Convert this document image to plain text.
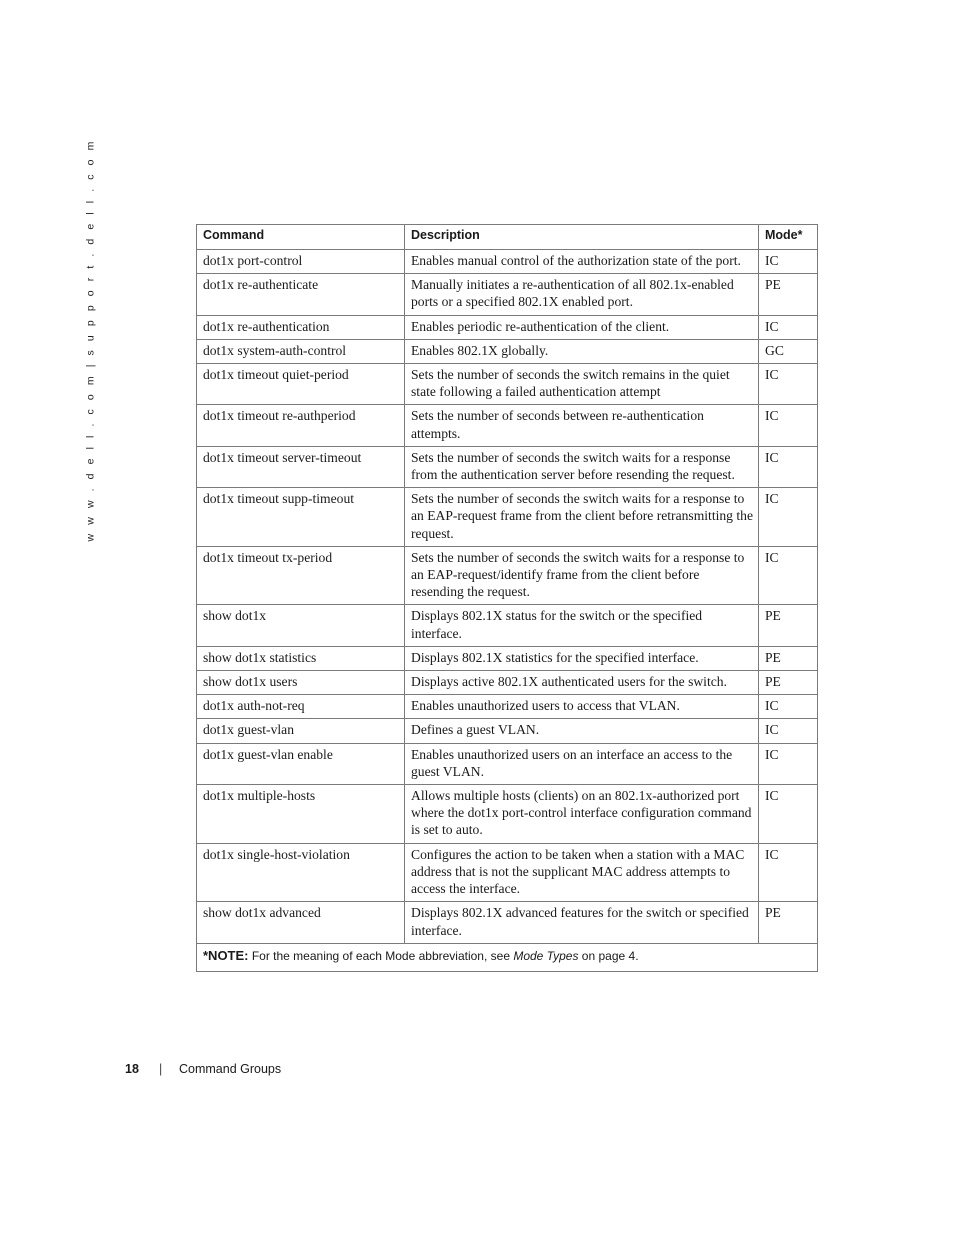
w w w . d e l l . c o m | s u p p o r t . d e l l . c o m	Command	Description	Mode*
dot1x port-control	Enables manual control of the authorization state of the port.	IC
dot1x re-authenticate	Manually initiates a re-authentication of all 802.1x-enabled ports or a specified 802.1X enabled port.	PE
dot1x re-authentication	Enables periodic re-authentication of the client.	IC
dot1x system-auth-control	Enables 802.1X globally.	GC
dot1x timeout quiet-period	Sets the number of seconds the switch remains in the quiet state following a failed authentication attempt	IC
dot1x timeout re-authperiod	Sets the number of seconds between re-authentication attempts.	IC
dot1x timeout server-timeout	Sets the number of seconds the switch waits for a response from the authentication server before resending the request.	IC
dot1x timeout supp-timeout	Sets the number of seconds the switch waits for a response to an EAP-request frame from the client before retransmitting the request.	IC
dot1x timeout tx-period	Sets the number of seconds the switch waits for a response to an EAP-request/identify frame from the client before resending the request.	IC
show dot1x	Displays 802.1X status for the switch or the specified interface.	PE
show dot1x statistics	Displays 802.1X statistics for the specified interface.	PE
show dot1x users	Displays active 802.1X authenticated users for the switch.	PE
dot1x auth-not-req	Enables unauthorized users to access that VLAN.	IC
dot1x guest-vlan	Defines a guest VLAN.	IC
dot1x guest-vlan enable	Enables unauthorized users on an interface an access to the guest VLAN.	IC
dot1x multiple-hosts	Allows multiple hosts (clients) on an 802.1x-authorized port where the dot1x port-control interface configuration command is set to auto.	IC
dot1x single-host-violation	Configures the action to be taken when a station with a MAC address that is not the supplicant MAC address attempts to access the interface.	IC
show dot1x advanced	Displays 802.1X advanced features for the switch or specified interface.	PE
*NOTE: For the meaning of each Mode abbreviation, see Mode Types on page 4.		
18 | Command Groups
